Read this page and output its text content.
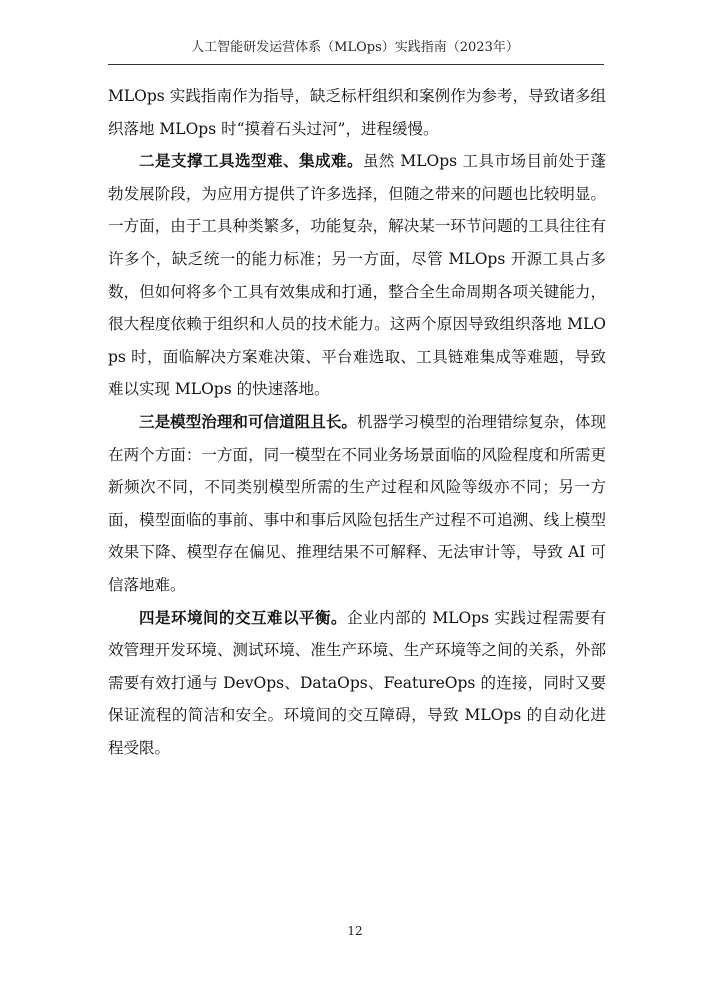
人工智能研发运营体系（MLOps）实践指南（2023年）

MLOps 实践指南作为指导，缺乏标杆组织和案例作为参考，导致诸多组织落地 MLOps 时“摸着石头过河”，进程缓慢。

二是支撑工具选型难、集成难。虽然 MLOps 工具市场目前处于蓬勃发展阶段，为应用方提供了许多选择，但随之带来的问题也比较明显。一方面，由于工具种类繁多，功能复杂，解决某一环节问题的工具往往有许多个，缺乏统一的能力标准；另一方面，尽管 MLOps 开源工具占多数，但如何将多个工具有效集成和打通，整合全生命周期各项关键能力，很大程度依赖于组织和人员的技术能力。这两个原因导致组织落地 MLOps 时，面临解决方案难决策、平台难选取、工具链难集成等难题，导致难以实现 MLOps 的快速落地。

三是模型治理和可信道阻且长。机器学习模型的治理错综复杂，体现在两个方面：一方面，同一模型在不同业务场景面临的风险程度和所需更新频次不同，不同类别模型所需的生产过程和风险等级亦不同；另一方面，模型面临的事前、事中和事后风险包括生产过程不可追溯、线上模型效果下降、模型存在偏见、推理结果不可解释、无法审计等，导致 AI 可信落地难。

四是环境间的交互难以平衡。企业内部的 MLOps 实践过程需要有效管理开发环境、测试环境、准生产环境、生产环境等之间的关系，外部需要有效打通与 DevOps、DataOps、FeatureOps 的连接，同时又要保证流程的简洁和安全。环境间的交互障碍，导致 MLOps 的自动化进程受限。

12
